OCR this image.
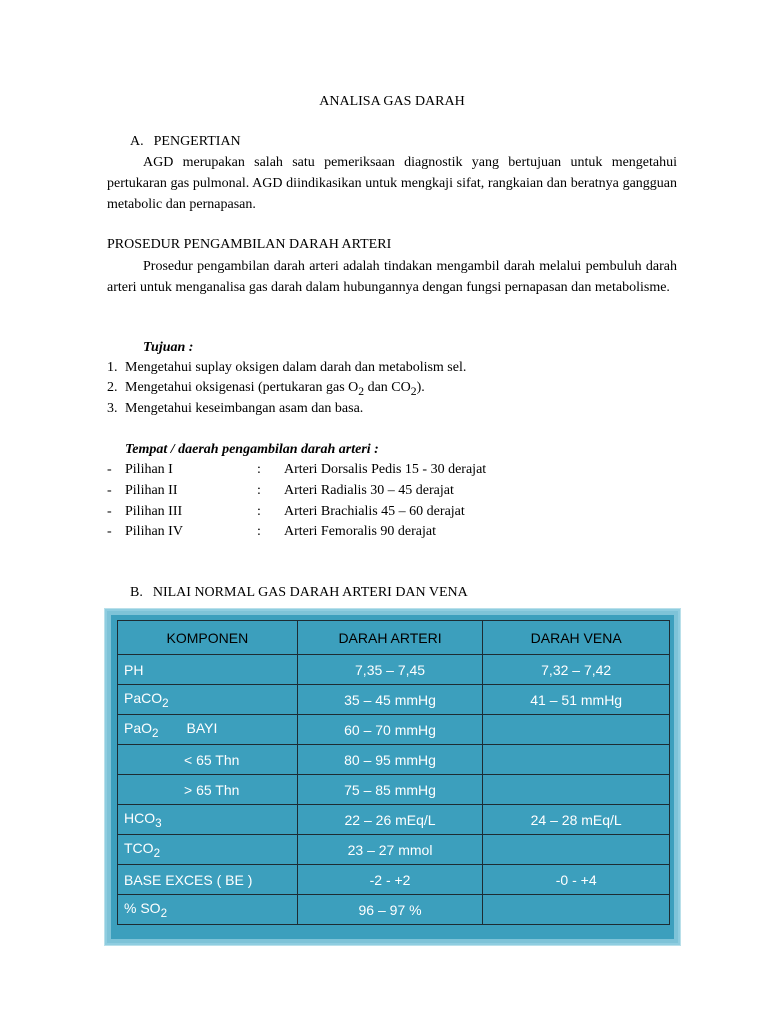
ANALISA GAS DARAH
A. PENGERTIAN
AGD merupakan salah satu pemeriksaan diagnostik yang bertujuan untuk mengetahui pertukaran gas pulmonal. AGD diindikasikan untuk mengkaji sifat, rangkaian dan beratnya gangguan metabolic dan pernapasan.
PROSEDUR PENGAMBILAN DARAH ARTERI
Prosedur pengambilan darah arteri adalah tindakan mengambil darah melalui pembuluh darah arteri untuk menganalisa gas darah dalam hubungannya dengan fungsi pernapasan dan metabolisme.
Tujuan :
1. Mengetahui suplay oksigen dalam darah dan metabolism sel.
2. Mengetahui oksigenasi (pertukaran gas $O_2$ dan $CO_2$).
3. Mengetahui keseimbangan asam dan basa.
Tempat / daerah pengambilan darah arteri :
- Pilihan I	: Arteri Dorsalis Pedis 15 - 30 derajat
- Pilihan II	: Arteri Radialis 30 – 45 derajat
- Pilihan III	: Arteri Brachialis 45 – 60 derajat
- Pilihan IV	: Arteri Femoralis 90 derajat
B. NILAI NORMAL GAS DARAH ARTERI DAN VENA
KOMPONEN	DARAH ARTERI	DARAH VENA
PH	7,35 – 7,45	7,32 – 7,42
PaCO$_2$	35 – 45 mmHg	41 – 51 mmHg
PaO$_2$ BAYI	60 – 70 mmHg	
< 65 Thn	80 – 95 mmHg	
> 65 Thn	75 – 85 mmHg	
$HCO_3$	22 – 26 mEq/L	24 – 28 mEq/L
$TCO_2$	23 – 27 mmol	
BASE EXCES ( BE )	-2 - +2	-0 - +4
% $SO_2$	96 – 97 %	
